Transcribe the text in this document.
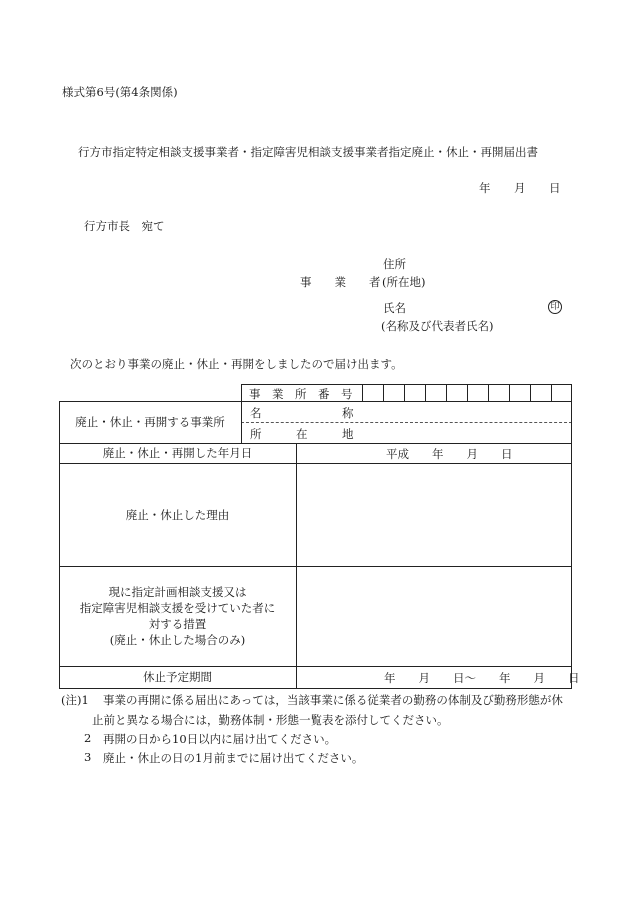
様式第6号(第4条関係)
行方市指定特定相談支援事業者・指定障害児相談支援事業者指定廃止・休止・再開届出書
年 月 日
行方市長　宛て
住所
事　　業　　者 (所在地)
氏名	印
(名称及び代表者氏名)
次のとおり事業の廃止・休止・再開をしましたので届け出ます。
事　業　所　番　号
廃止・休止・再開する事業所
名　　　　　　　称
所　　　在　　　地
廃止・休止・再開した年月日	平成　　年　　月　　日
廃止・休止した理由
現に指定計画相談支援又は
指定障害児相談支援を受けていた者に
対する措置
(廃止・休止した場合のみ)
休止予定期間	年　　月　　日～　　年　　月　　日
(注)1 事業の再開に係る届出にあっては，当該事業に係る従業者の勤務の体制及び勤務形態が休
止前と異なる場合には，勤務体制・形態一覧表を添付してください。
2 再開の日から10日以内に届け出てください。
3 廃止・休止の日の1月前までに届け出てください。
